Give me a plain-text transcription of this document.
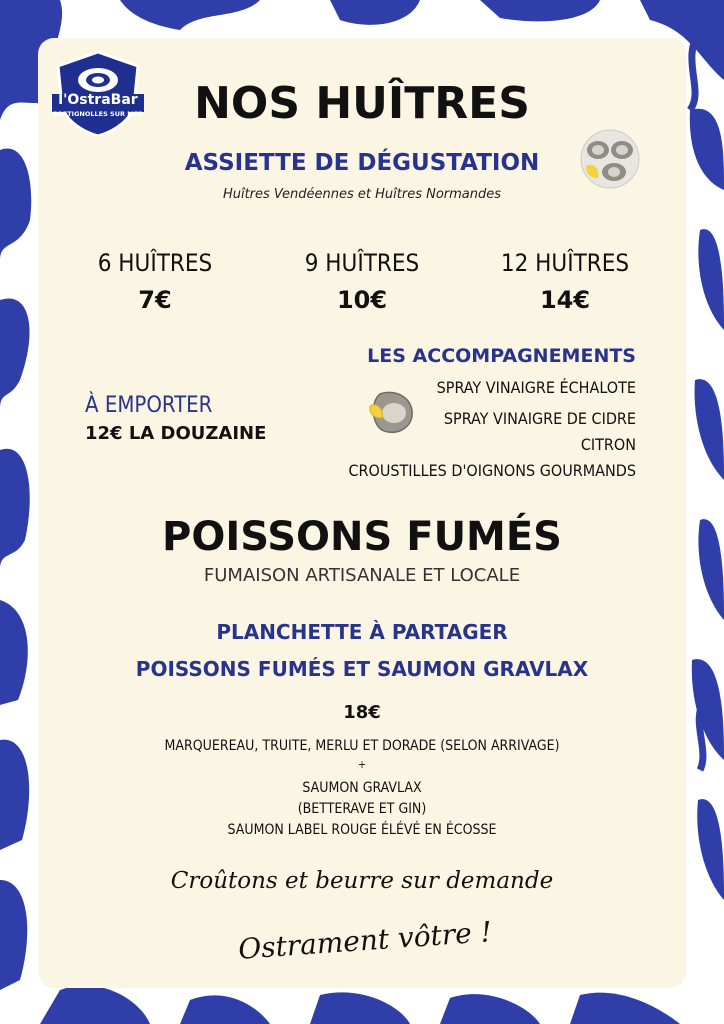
l'OstraBar
BRETIGNOLLES SUR MER	NOS HUÎTRES
ASSIETTE DE DÉGUSTATION
Huîtres Vendéennes et Huîtres Normandes
6 HUÎTRES
7€
9 HUÎTRES
10€
12 HUÎTRES
14€
À EMPORTER
12€ LA DOUZAINE
LES ACCOMPAGNEMENTS
SPRAY VINAIGRE ÉCHALOTE
SPRAY VINAIGRE DE CIDRE
CITRON
CROUSTILLES D'OIGNONS GOURMANDS
POISSONS FUMÉS
FUMAISON ARTISANALE ET LOCALE
PLANCHETTE À PARTAGER
POISSONS FUMÉS ET SAUMON GRAVLAX
18€
MARQUEREAU, TRUITE, MERLU ET DORADE (SELON ARRIVAGE)
+
SAUMON GRAVLAX
(BETTERAVE ET GIN)
SAUMON LABEL ROUGE ÉLÉVÉ EN ÉCOSSE
Croûtons et beurre sur demande
Ostrament vôtre !
